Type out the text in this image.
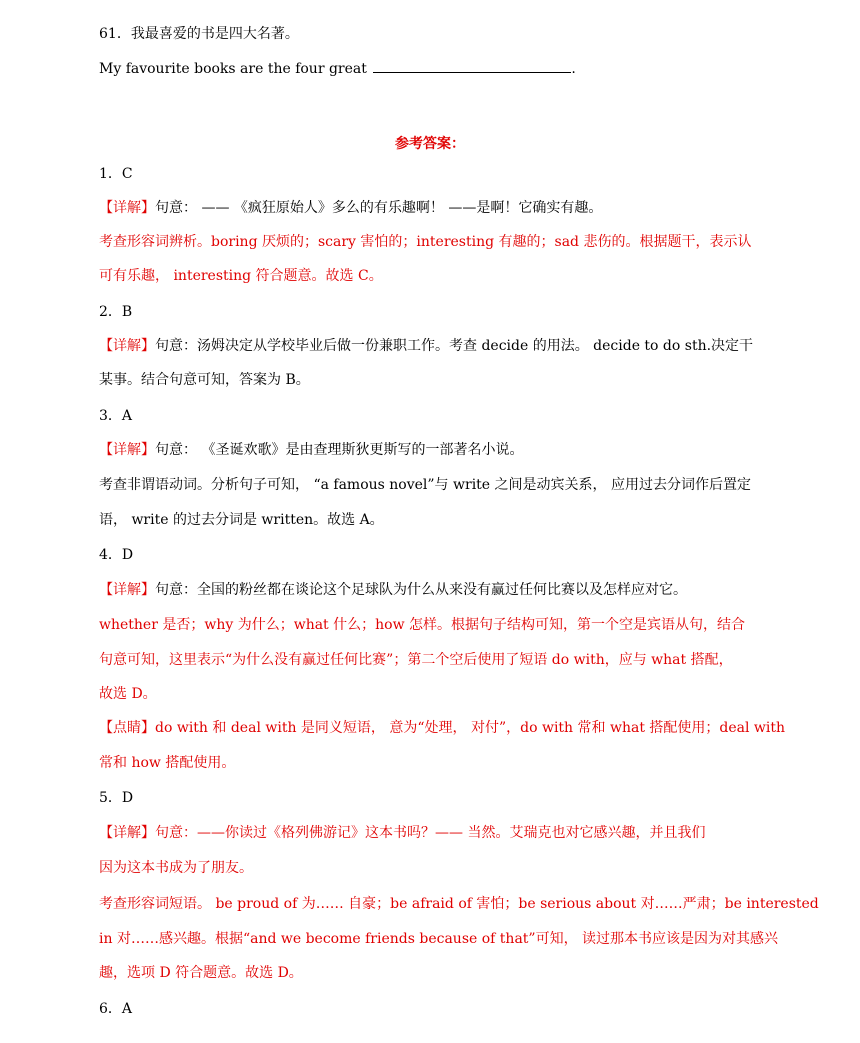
61．我最喜爱的书是四大名著。
My favourite books are the four great	.
参考答案：
1．C
【详解】句意： —— 《疯狂原始人》多么的有乐趣啊！ ——是啊！它确实有趣。
考查形容词辨析。boring 厌烦的；scary 害怕的；interesting 有趣的；sad 悲伤的。根据题干，表示认
可有乐趣， interesting 符合题意。故选 C。
2．B
【详解】句意：汤姆决定从学校毕业后做一份兼职工作。考查 decide 的用法。 decide to do sth.决定干
某事。结合句意可知，答案为 B。
3．A
【详解】句意： 《圣诞欢歌》是由查理斯狄更斯写的一部著名小说。
考查非谓语动词。分析句子可知， “a famous novel”与 write 之间是动宾关系， 应用过去分词作后置定
语， write 的过去分词是 written。故选 A。
4．D
【详解】句意：全国的粉丝都在谈论这个足球队为什么从来没有赢过任何比赛以及怎样应对它。
whether 是否；why 为什么；what 什么；how 怎样。根据句子结构可知，第一个空是宾语从句，结合
句意可知，这里表示“为什么没有赢过任何比赛”；第二个空后使用了短语 do with，应与 what 搭配，
故选 D。
【点睛】do with 和 deal with 是同义短语， 意为“处理， 对付”，do with 常和 what 搭配使用；deal with
常和 how 搭配使用。
5．D
【详解】句意：——你读过《格列佛游记》这本书吗？—— 当然。艾瑞克也对它感兴趣，并且我们
因为这本书成为了朋友。
考查形容词短语。 be proud of 为…… 自豪；be afraid of 害怕；be serious about 对……严肃；be interested
in 对……感兴趣。根据“and we become friends because of that”可知， 读过那本书应该是因为对其感兴
趣，选项 D 符合题意。故选 D。
6．A
